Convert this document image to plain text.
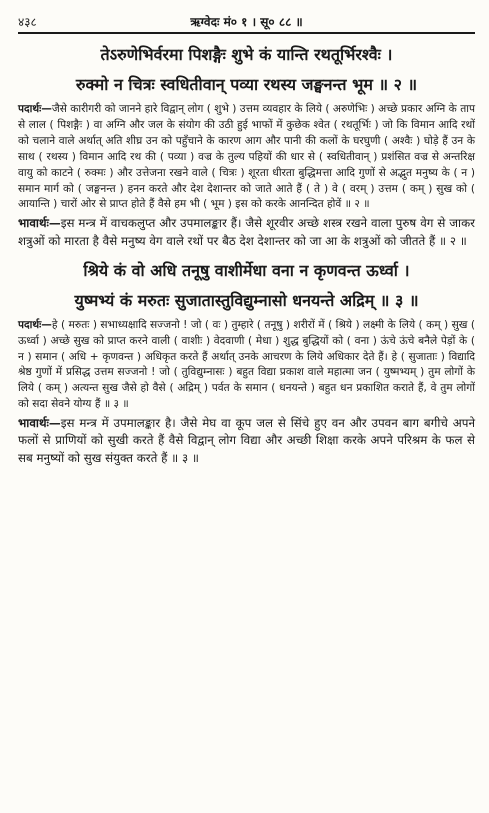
४३८	ऋग्वेदः मं० १ । सू० ८८ ॥
तेऽरुणेभिर्वरमा पिशङ्गैः शुभे कं यान्ति रथतूर्भिरश्वैः ।
रुक्मो न चित्रः स्वधितीवान् पव्या रथस्य जङ्घनन्त भूम ॥ २ ॥

पदार्थः—जैसे कारीगरी को जानने हारे विद्वान् लोग ( शुभे ) उत्तम व्यवहार के लिये ( अरुणेभिः ) अच्छे प्रकार अग्नि के ताप से लाल ( पिशङ्गैः ) वा अग्नि और जल के संयोग की उठी हुई भाफों में कुछेक श्वेत ( रथतूर्भिः ) जो कि विमान आदि रथों को चलाने वाले अर्थात् अति शीघ्र उन को पहुँचाने के कारण आग और पानी की कलों के घरघुणी ( अश्वैः ) घोड़े हैं उन के साथ ( रथस्य ) विमान आदि रथ की ( पव्या ) वज्र के तुल्य पहियों की धार से ( स्वधितीवान् ) प्रशंसित वज्र से अन्तरिक्ष वायु को काटने ( रुक्मः ) और उत्तेजना रखने वाले ( चित्रः ) शूरता धीरता बुद्धिमत्ता आदि गुणों से अद्भुत मनुष्य के ( न ) समान मार्ग को ( जङ्घनन्त ) हनन करते और देश देशान्तर को जाते आते हैं ( ते ) वे ( वरम् ) उत्तम ( कम् ) सुख को ( आयान्ति ) चारों ओर से प्राप्त होते हैं वैसे हम भी ( भूम ) इस को करके आनन्दित होवें ॥ २ ॥

भावार्थः—इस मन्त्र में वाचकलुप्त और उपमालङ्कार हैं। जैसे शूरवीर अच्छे शस्त्र रखने वाला पुरुष वेग से जाकर शत्रुओं को मारता है वैसे मनुष्य वेग वाले रथों पर बैठ देश देशान्तर को जा आ के शत्रुओं को जीतते हैं ॥ २ ॥

श्रिये कं वो अधि तनूषु वाशीर्मेधा वना न कृणवन्त ऊर्ध्वा ।
युष्मभ्यं कं मरुतः सुजातास्तुविद्युम्नासो धनयन्ते अद्रिम् ॥ ३ ॥

पदार्थः—हे ( मरुतः ) सभाध्यक्षादि सज्जनो ! जो ( वः ) तुम्हारे ( तनूषु ) शरीरों में ( श्रिये ) लक्ष्मी के लिये ( कम् ) सुख ( ऊर्ध्वा ) अच्छे सुख को प्राप्त करने वाली ( वाशीः ) वेदवाणी ( मेधा ) शुद्ध बुद्धियों को ( वना ) ऊंचे ऊंचे बनैले पेड़ों के ( न ) समान ( अधि + कृणवन्त ) अधिकृत करते हैं अर्थात् उनके आचरण के लिये अधिकार देते हैं। हे ( सुजाताः ) विद्यादि श्रेष्ठ गुणों में प्रसिद्ध उत्तम सज्जनो ! जो ( तुविद्युम्नासः ) बहुत विद्या प्रकाश वाले महात्मा जन ( युष्मभ्यम् ) तुम लोगों के लिये ( कम् ) अत्यन्त सुख जैसे हो वैसे ( अद्रिम् ) पर्वत के समान ( धनयन्ते ) बहुत धन प्रकाशित कराते हैं, वे तुम लोगों को सदा सेवने योग्य हैं ॥ ३ ॥

भावार्थः—इस मन्त्र में उपमालङ्कार है। जैसे मेघ वा कूप जल से सिंचे हुए वन और उपवन बाग बगीचे अपने फलों से प्राणियों को सुखी करते हैं वैसे विद्वान् लोग विद्या और अच्छी शिक्षा करके अपने परिश्रम के फल से सब मनुष्यों को सुख संयुक्त करते हैं ॥ ३ ॥
